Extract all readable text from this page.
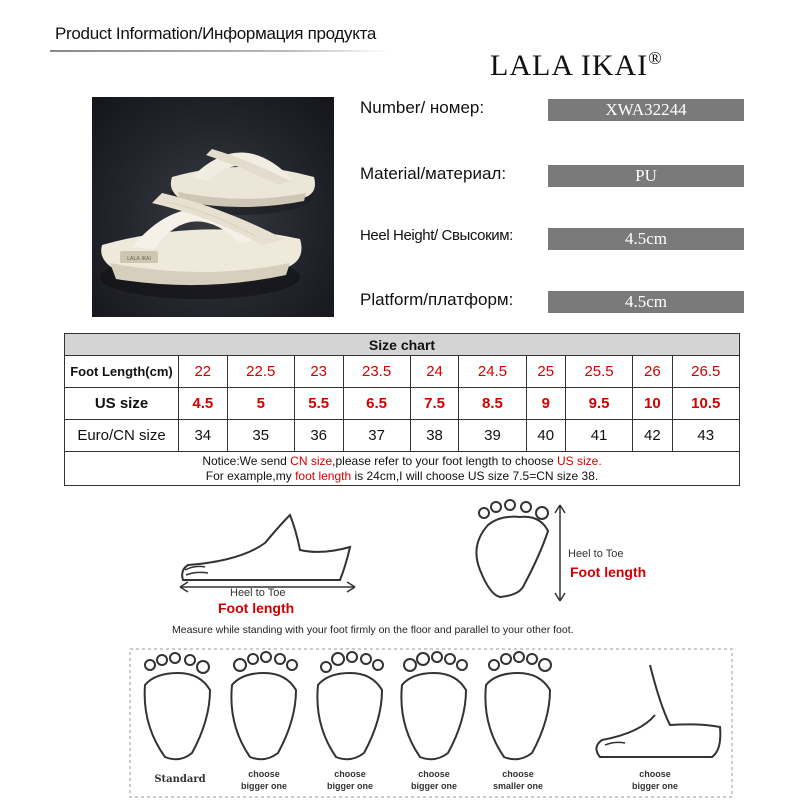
Product Information/Информация продукта
LALA IKAI®
LALA IKAI
Number/ номер:	XWA32244
Material/материал:	PU
Heel Height/ Свысоким:	4.5cm
Platform/платформ:	4.5cm
Size chart										
Foot Length(cm)	22	22.5	23	23.5	24	24.5	25	25.5	26	26.5
US size	4.5	5	5.5	6.5	7.5	8.5	9	9.5	10	10.5
Euro/CN size	34	35	36	37	38	39	40	41	42	43

Notice:We send CN size,please refer to your foot length to choose US size.
For example,my foot length is 24cm,I will choose US size 7.5=CN size 38.										
Heel to Toe
Foot length
Heel to Toe
Foot length
Measure while standing with your foot firmly on the floor and parallel to your other foot.
Standard	choose
bigger one
choose
bigger one
choose
bigger one
choose
smaller one
choose
bigger one
